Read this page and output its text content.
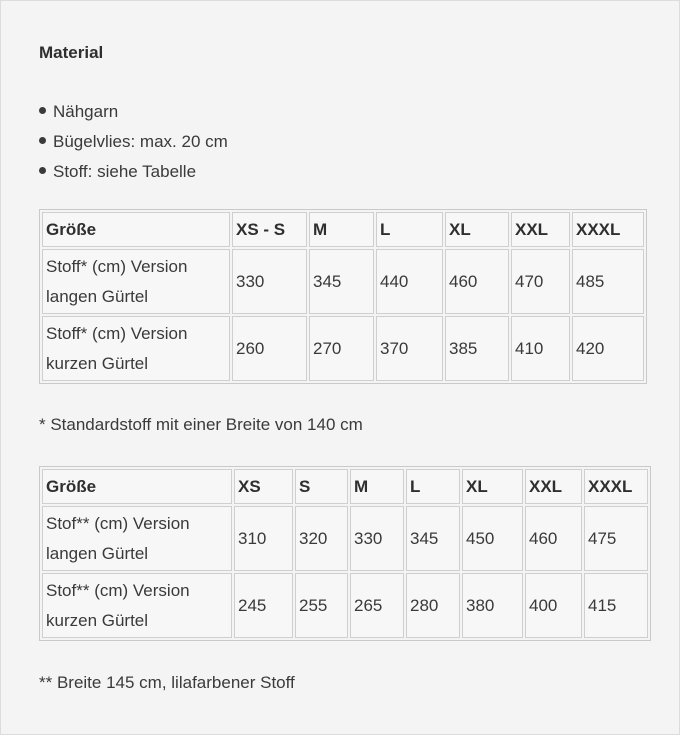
Material
Nähgarn
Bügelvlies: max. 20 cm
Stoff: siehe Tabelle
Größe	XS - S	M	L	XL	XXL	XXXL
Stoff* (cm) Version
langen Gürtel	330	345	440	460	470	485
Stoff* (cm) Version
kurzen Gürtel	260	270	370	385	410	420
* Standardstoff mit einer Breite von 140 cm
Größe	XS	S	M	L	XL	XXL	XXXL
Stof** (cm) Version
langen Gürtel	310	320	330	345	450	460	475
Stof** (cm) Version
kurzen Gürtel	245	255	265	280	380	400	415
** Breite 145 cm, lilafarbener Stoff
